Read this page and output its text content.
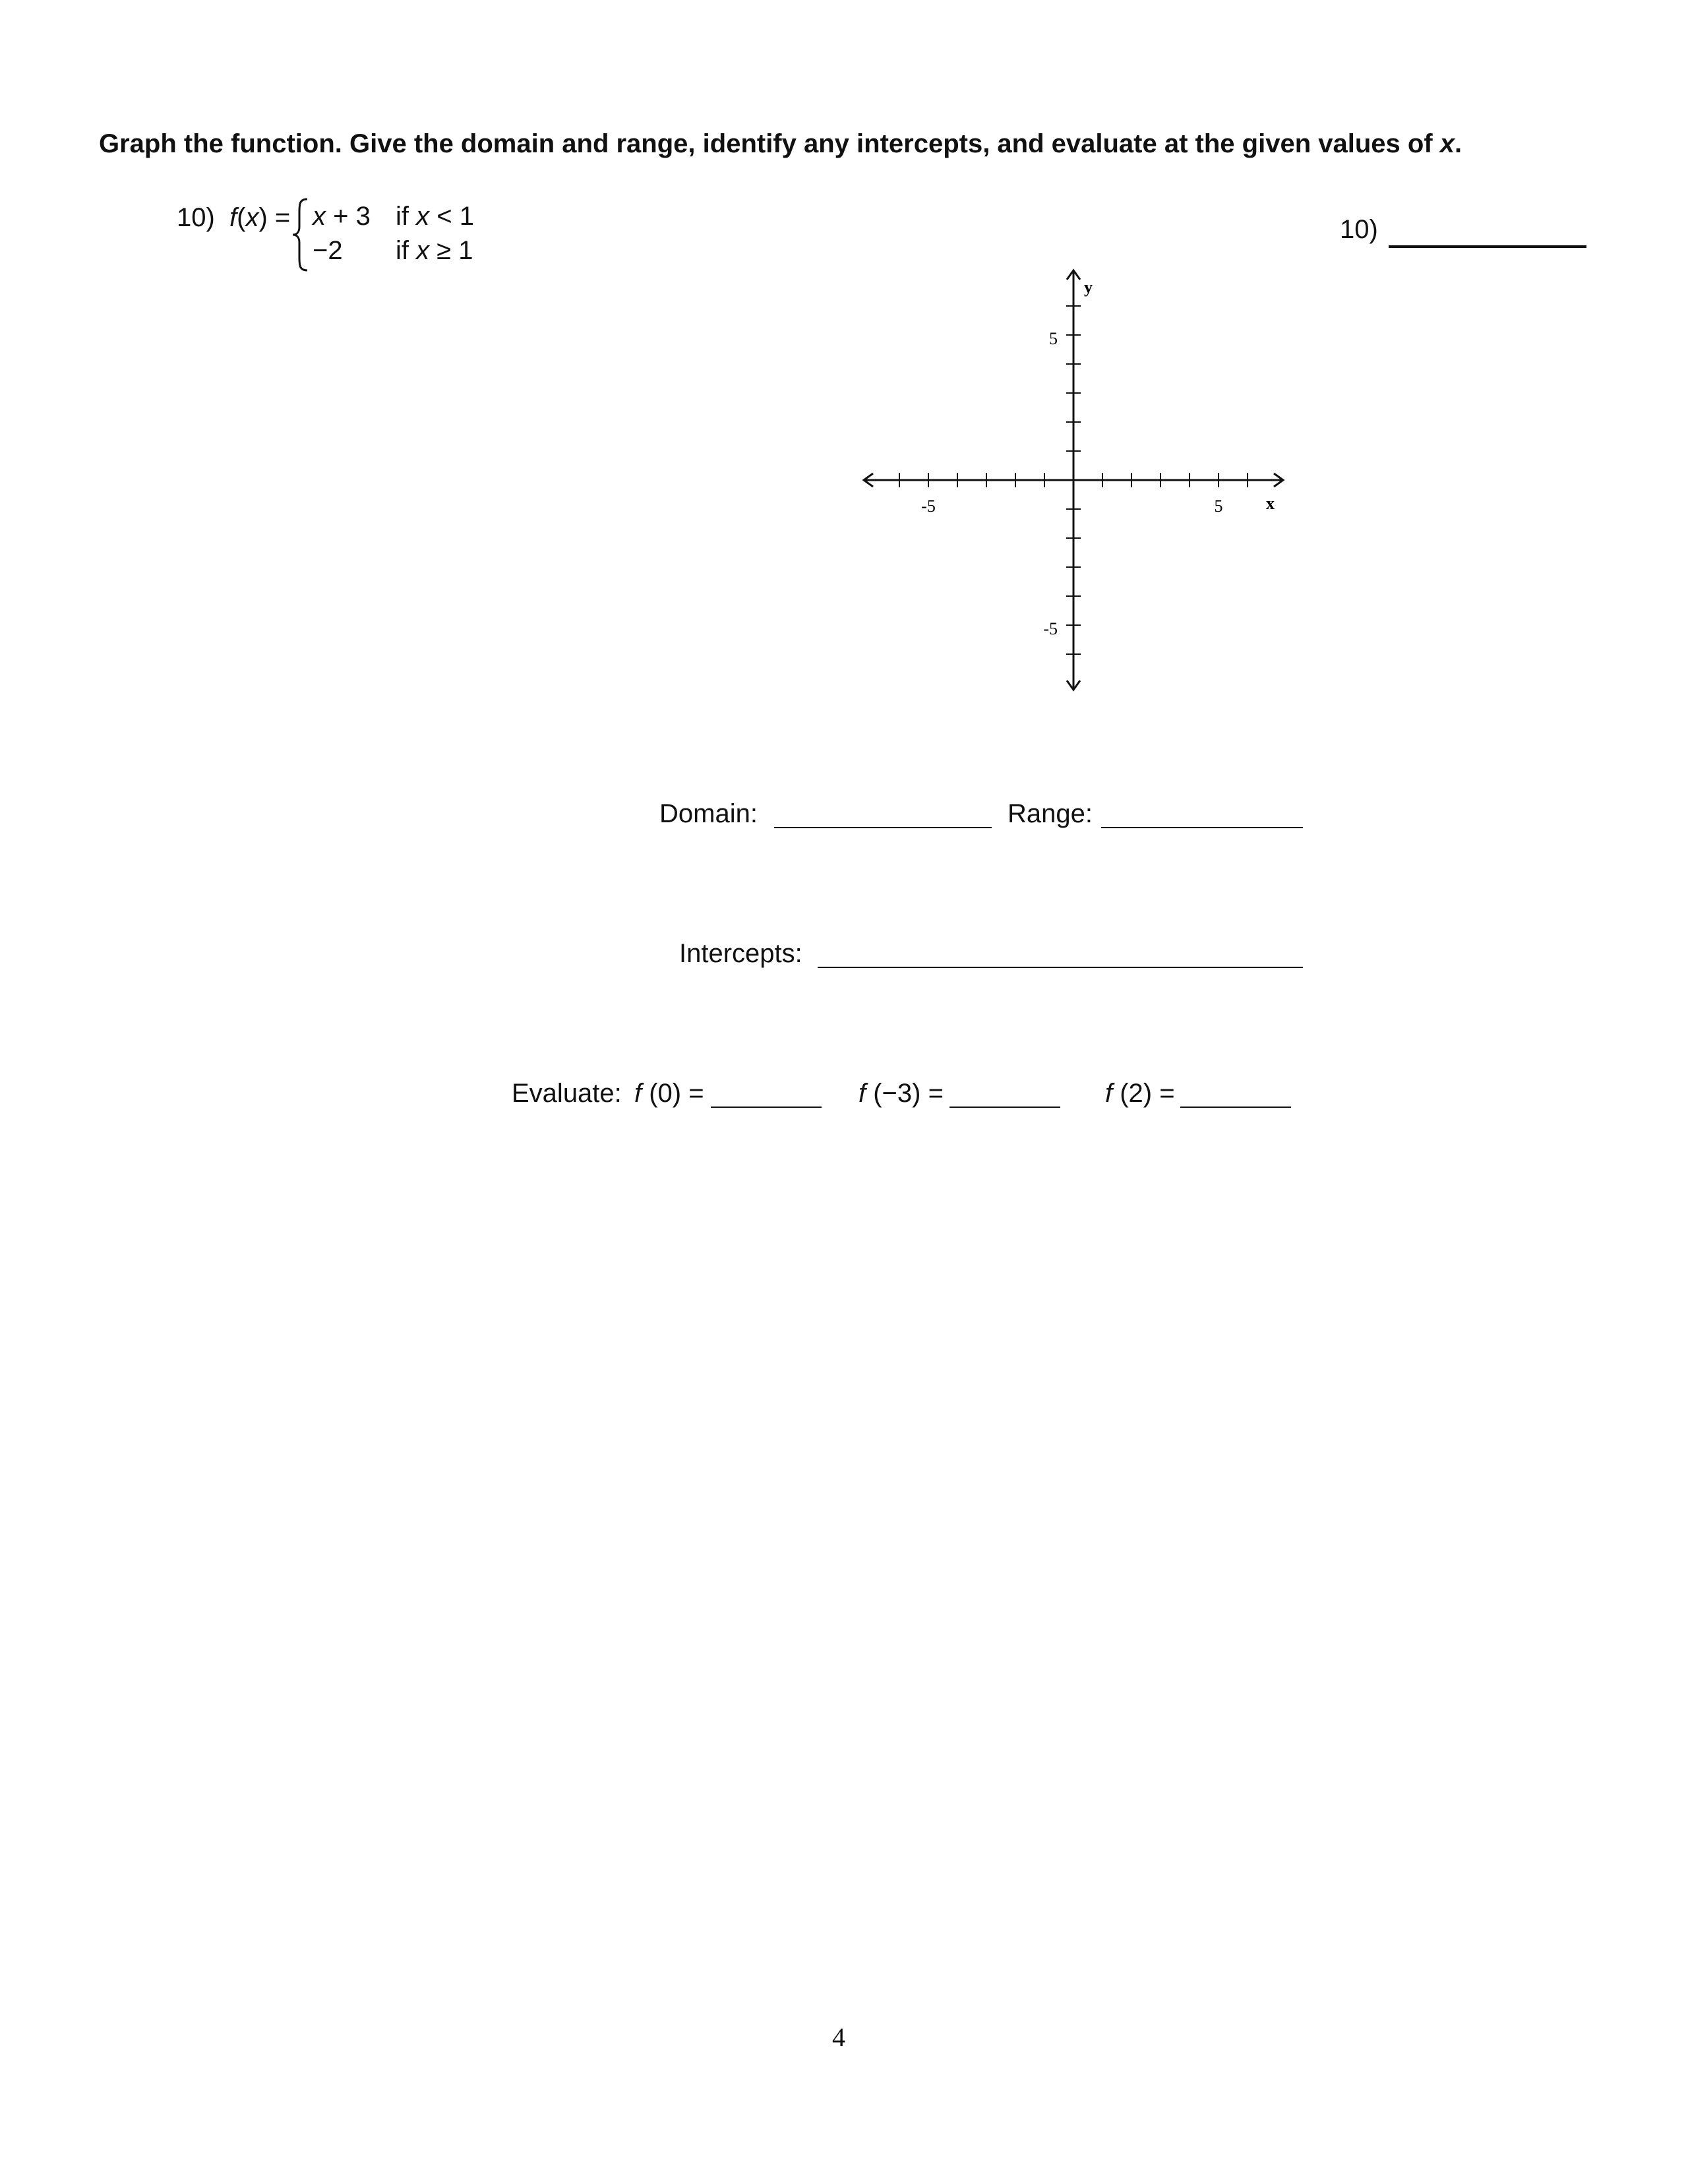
Graph the function. Give the domain and range, identify any intercepts, and evaluate at the given values of x.
10) f(x) = x + 3 if x < 1
−2 if x ≥ 1
10)
y
x
-5	5
5
-5
Domain:	Range:
Intercepts:
Evaluate: f (0) =	f (−3) =	f (2) =
4
